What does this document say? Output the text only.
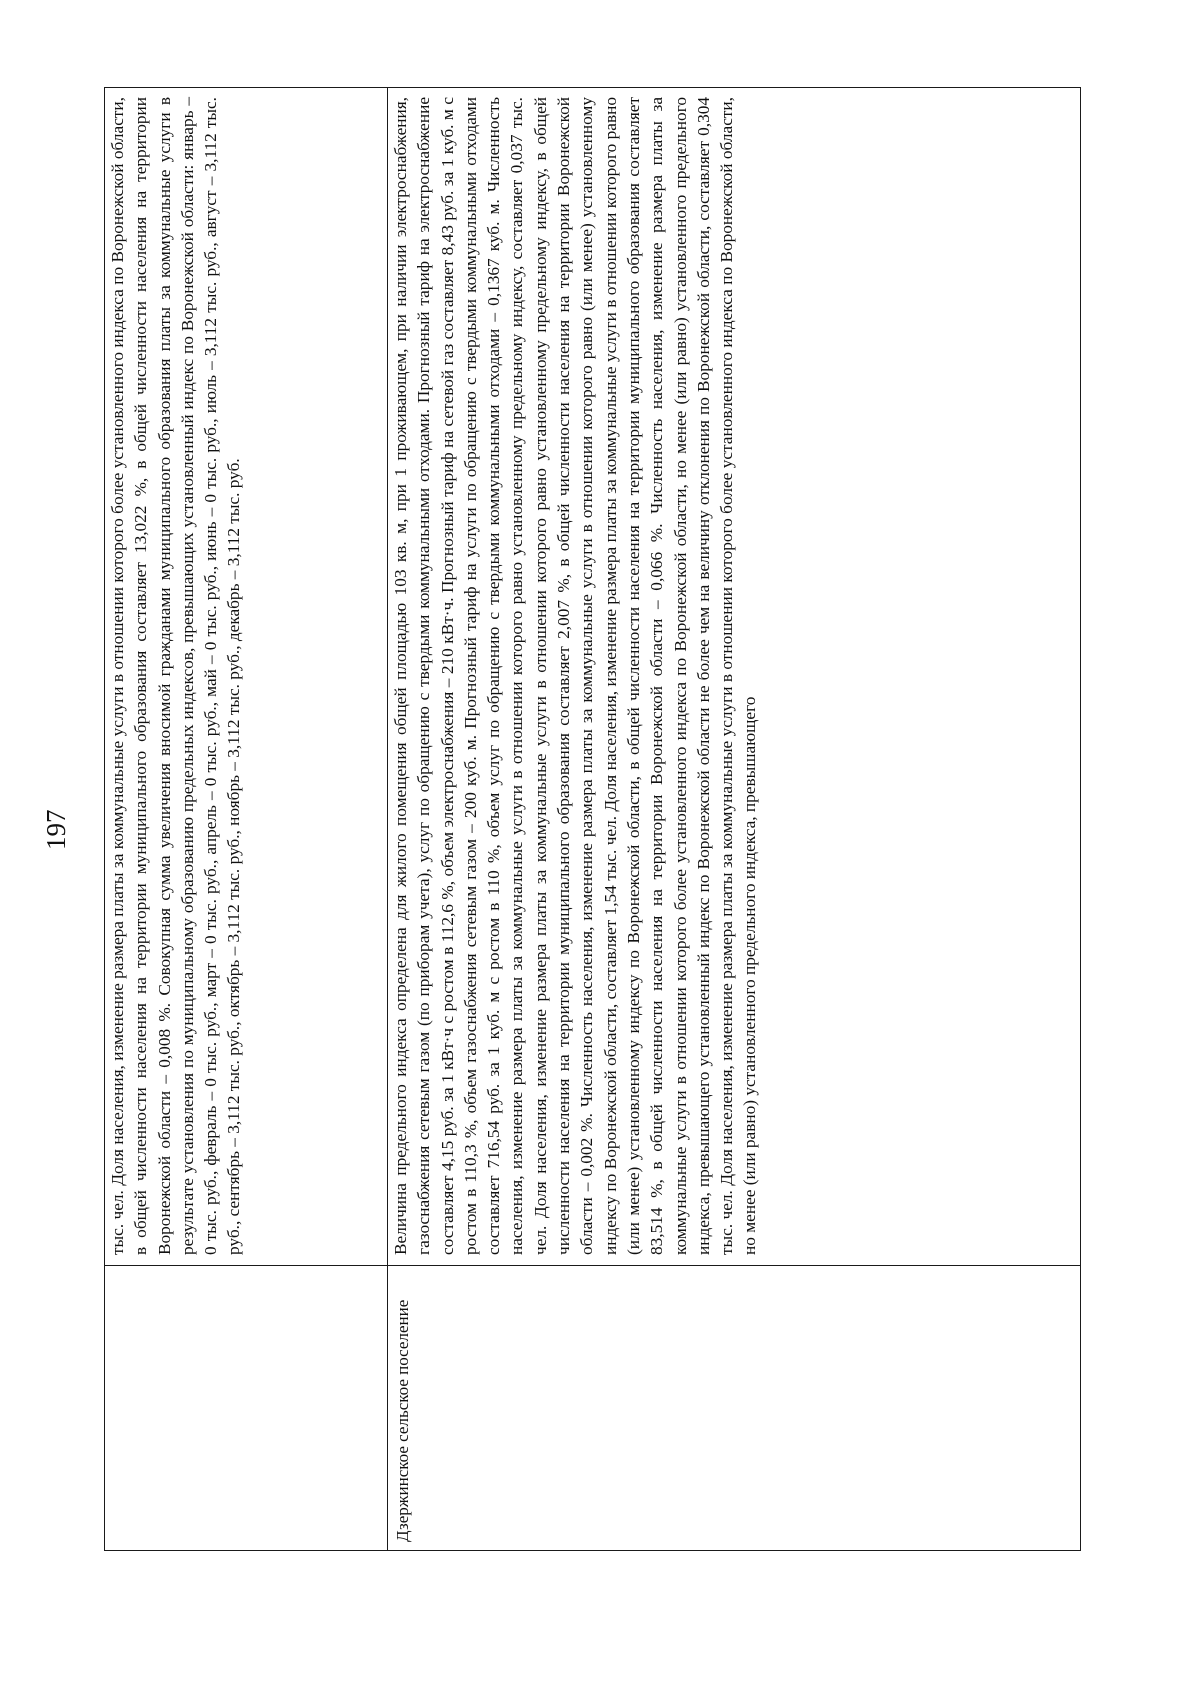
197

	тыс. чел. Доля населения, изменение размера платы за коммунальные услуги в отношении которого более установленного индекса по Воронежской области, в общей численности населения на территории муниципального образования составляет 13,022 %, в общей численности населения на территории Воронежской области – 0,008 %. Совокупная сумма увеличения вносимой гражданами муниципального образования платы за коммунальные услуги в результате установления по муниципальному образованию предельных индексов, превышающих установленный индекс по Воронежской области: январь – 0 тыс. руб., февраль – 0 тыс. руб., март – 0 тыс. руб., апрель – 0 тыс. руб., май – 0 тыс. руб., июнь – 0 тыс. руб., июль – 3,112 тыс. руб., август – 3,112 тыс. руб., сентябрь – 3,112 тыс. руб., октябрь – 3,112 тыс. руб., ноябрь – 3,112 тыс. руб., декабрь – 3,112 тыс. руб.

Дзержинское сельское поселение	Величина предельного индекса определена для жилого помещения общей площадью 103 кв. м, при 1 проживающем, при наличии электроснабжения, газоснабжения сетевым газом (по приборам учета), услуг по обращению с твердыми коммунальными отходами. Прогнозный тариф на электроснабжение составляет 4,15 руб. за 1 кВт·ч с ростом в 112,6 %, объем электроснабжения – 210 кВт·ч. Прогнозный тариф на сетевой газ составляет 8,43 руб. за 1 куб. м с ростом в 110,3 %, объем газоснабжения сетевым газом – 200 куб. м. Прогнозный тариф на услуги по обращению с твердыми коммунальными отходами составляет 716,54 руб. за 1 куб. м с ростом в 110 %, объем услуг по обращению с твердыми коммунальными отходами – 0,1367 куб. м. Численность населения, изменение размера платы за коммунальные услуги в отношении которого равно установленному предельному индексу, составляет 0,037 тыс. чел. Доля населения, изменение размера платы за коммунальные услуги в отношении которого равно установленному предельному индексу, в общей численности населения на территории муниципального образования составляет 2,007 %, в общей численности населения на территории Воронежской области – 0,002 %. Численность населения, изменение размера платы за коммунальные услуги в отношении которого равно (или менее) установленному индексу по Воронежской области, составляет 1,54 тыс. чел. Доля населения, изменение размера платы за коммунальные услуги в отношении которого равно (или менее) установленному индексу по Воронежской области, в общей численности населения на территории муниципального образования составляет 83,514 %, в общей численности населения на территории Воронежской области – 0,066 %. Численность населения, изменение размера платы за коммунальные услуги в отношении которого более установленного индекса по Воронежской области, но менее (или равно) установленного предельного индекса, превышающего установленный индекс по Воронежской области не более чем на величину отклонения по Воронежской области, составляет 0,304 тыс. чел. Доля населения, изменение размера платы за коммунальные услуги в отношении которого более установленного индекса по Воронежской области, но менее (или равно) установленного предельного индекса, превышающего
